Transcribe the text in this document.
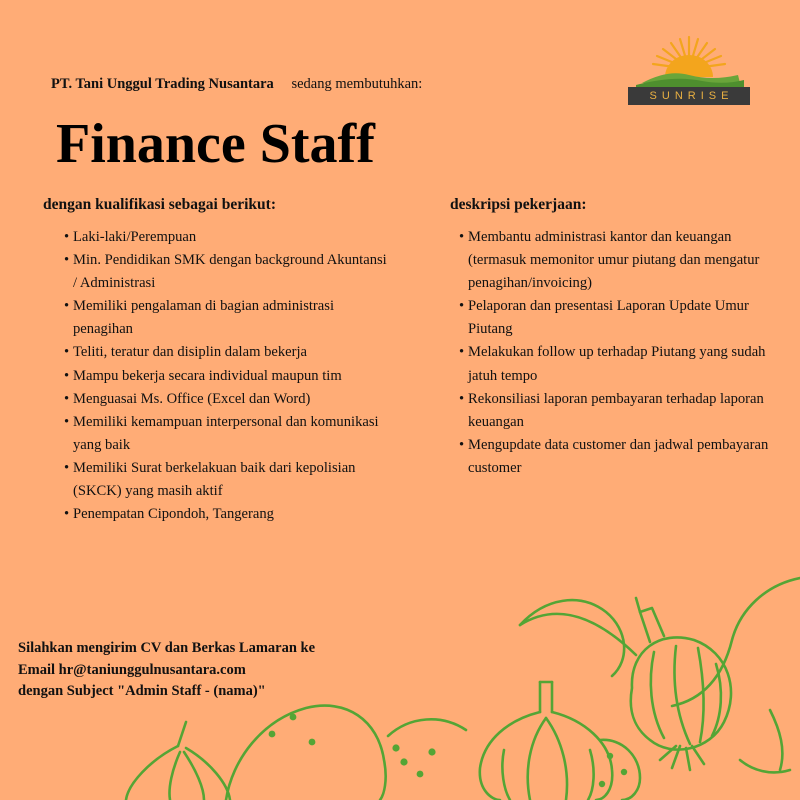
PT. Tani Unggul Trading Nusantara sedang membutuhkan:
SUNRISE
Finance Staff
dengan kualifikasi sebagai berikut:
• Laki-laki/Perempuan
• Min. Pendidikan SMK dengan background Akuntansi / Administrasi
• Memiliki pengalaman di bagian administrasi penagihan
• Teliti, teratur dan disiplin dalam bekerja
• Mampu bekerja secara individual maupun tim
• Menguasai Ms. Office (Excel dan Word)
• Memiliki kemampuan interpersonal dan komunikasi yang baik
• Memiliki Surat berkelakuan baik dari kepolisian (SKCK) yang masih aktif
• Penempatan Cipondoh, Tangerang
deskripsi pekerjaan:
• Membantu administrasi kantor dan keuangan (termasuk memonitor umur piutang dan mengatur penagihan/invoicing)
• Pelaporan dan presentasi Laporan Update Umur Piutang
• Melakukan follow up terhadap Piutang yang sudah jatuh tempo
• Rekonsiliasi laporan pembayaran terhadap laporan keuangan
• Mengupdate data customer dan jadwal pembayaran customer
Silahkan mengirim CV dan Berkas Lamaran ke
Email hr@taniunggulnusantara.com
dengan Subject "Admin Staff - (nama)"
